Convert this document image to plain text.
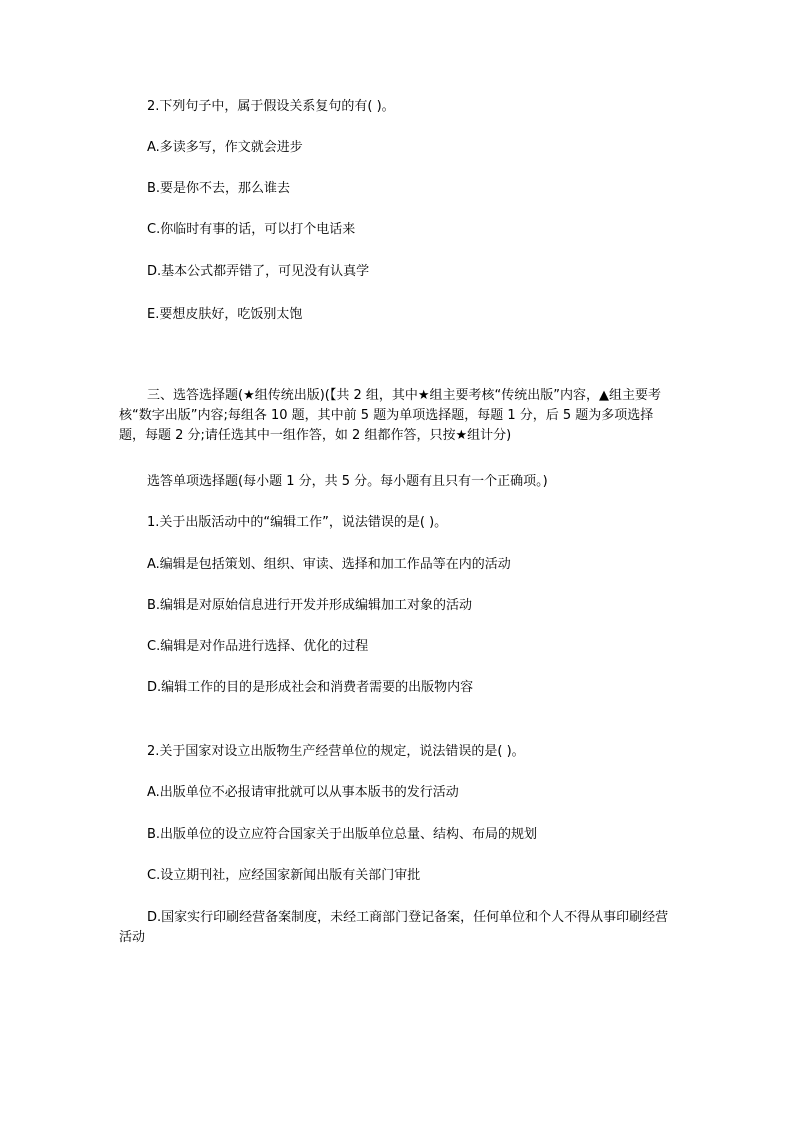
2.下列句子中，属于假设关系复句的有( )。
A.多读多写，作文就会进步
B.要是你不去，那么谁去
C.你临时有事的话，可以打个电话来
D.基本公式都弄错了，可见没有认真学
E.要想皮肤好，吃饭别太饱
三、选答选择题(★组传统出版)(【共 2 组，其中★组主要考核“传统出版”内容，▲组主要考核“数字出版”内容;每组各 10 题，其中前 5 题为单项选择题，每题 1 分，后 5 题为多项选择题，每题 2 分;请任选其中一组作答，如 2 组都作答，只按★组计分)
选答单项选择题(每小题 1 分，共 5 分。每小题有且只有一个正确项。)
1.关于出版活动中的“编辑工作”，说法错误的是( )。
A.编辑是包括策划、组织、审读、选择和加工作品等在内的活动
B.编辑是对原始信息进行开发并形成编辑加工对象的活动
C.编辑是对作品进行选择、优化的过程
D.编辑工作的目的是形成社会和消费者需要的出版物内容
2.关于国家对设立出版物生产经营单位的规定，说法错误的是( )。
A.出版单位不必报请审批就可以从事本版书的发行活动
B.出版单位的设立应符合国家关于出版单位总量、结构、布局的规划
C.设立期刊社，应经国家新闻出版有关部门审批
D.国家实行印刷经营备案制度，未经工商部门登记备案，任何单位和个人不得从事印刷经营活动
